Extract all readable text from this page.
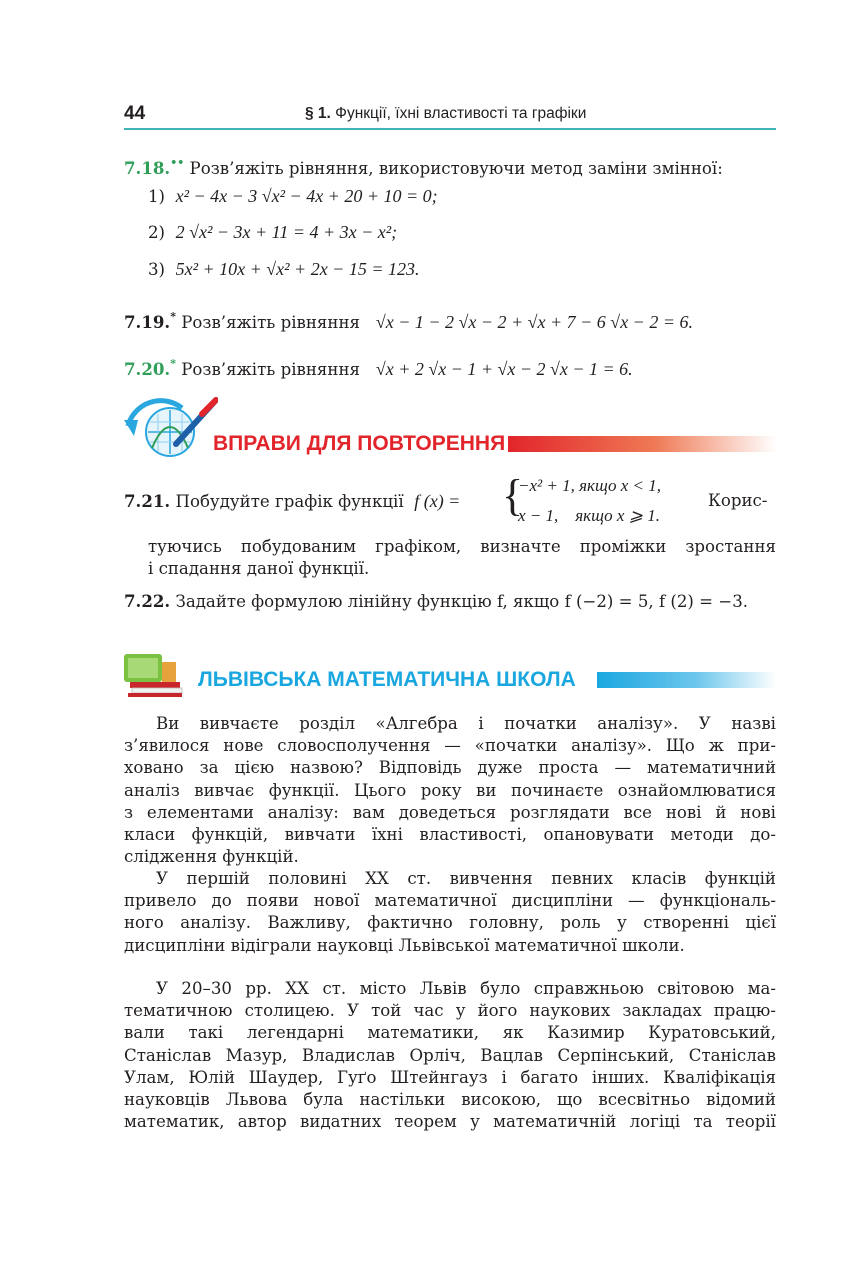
44	§ 1. Функції, їхні властивості та графіки
7.18.•• Розв’яжіть рівняння, використовуючи метод заміни змінної:
1) x² − 4x − 3 √x² − 4x + 20 + 10 = 0;
2) 2 √x² − 3x + 11 = 4 + 3x − x²;
3) 5x² + 10x + √x² + 2x − 15 = 123.
7.19.* Розв’яжіть рівняння √x − 1 − 2 √x − 2 + √x + 7 − 6 √x − 2 = 6.
7.20.* Розв’яжіть рівняння √x + 2 √x − 1 + √x − 2 √x − 1 = 6.
ВПРАВИ ДЛЯ ПОВТОРЕННЯ
7.21. Побудуйте графік функції f (x) = {
−x² + 1, якщо x < 1,
x − 1,    якщо x ⩾ 1.
Корис-
туючись побудованим графіком, визначте проміжки зростання
і спадання даної функції.
7.22. Задайте формулою лінійну функцію f, якщо f (−2) = 5, f (2) = −3.
ЛЬВІВСЬКА МАТЕМАТИЧНА ШКОЛА
Ви вивчаєте розділ «Алгебра і початки аналізу». У назві
з’явилося нове словосполучення — «початки аналізу». Що ж при-
ховано за цією назвою? Відповідь дуже проста — математичний
аналіз вивчає функції. Цього року ви починаєте ознайомлюватися
з елементами аналізу: вам доведеться розглядати все нові й нові
класи функцій, вивчати їхні властивості, опановувати методи до-
слідження функцій.
У першій половині XX ст. вивчення певних класів функцій
привело до появи нової математичної дисципліни — функціональ-
ного аналізу. Важливу, фактично головну, роль у створенні цієї
дисципліни відіграли науковці Львівської математичної школи.
У 20–30 рр. XX ст. місто Львів було справжньою світовою ма-
тематичною столицею. У той час у його наукових закладах працю-
вали такі легендарні математики, як Казимир Куратовський,
Станіслав Мазур, Владислав Орліч, Вацлав Серпінський, Станіслав
Улам, Юлій Шаудер, Гуґо Штейнгауз і багато інших. Кваліфікація
науковців Львова була настільки високою, що всесвітньо відомий
математик, автор видатних теорем у математичній логіці та теорії
